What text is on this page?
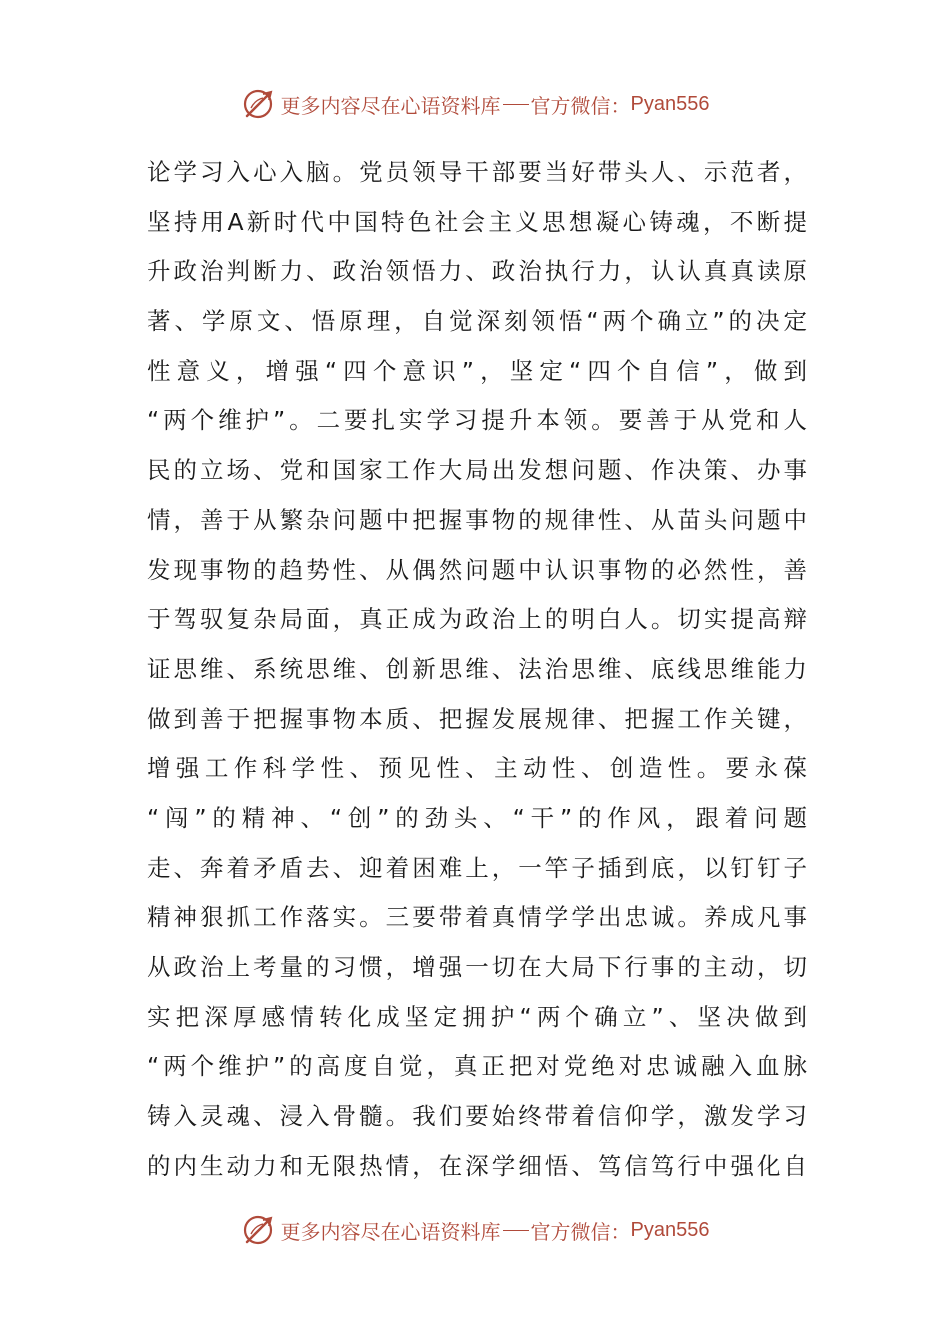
更多内容尽在心语资料库 官方微信： Pyan556
论学习入心入脑。党员领导干部要当好带头人、示范者，
坚持用A新时代中国特色社会主义思想凝心铸魂，不断提
升政治判断力、政治领悟力、政治执行力，认认真真读原
著、学原文、悟原理，自觉深刻领悟“两个确立”的决定
性意义，增强“四个意识”，坚定“四个自信”，做到
“两个维护”。二要扎实学习提升本领。要善于从党和人
民的立场、党和国家工作大局出发想问题、作决策、办事
情，善于从繁杂问题中把握事物的规律性、从苗头问题中
发现事物的趋势性、从偶然问题中认识事物的必然性，善
于驾驭复杂局面，真正成为政治上的明白人。切实提高辩
证思维、系统思维、创新思维、法治思维、底线思维能力
做到善于把握事物本质、把握发展规律、把握工作关键，
增强工作科学性、预见性、主动性、创造性。要永葆
“闯”的精神、“创”的劲头、“干”的作风，跟着问题
走、奔着矛盾去、迎着困难上，一竿子插到底，以钉钉子
精神狠抓工作落实。三要带着真情学学出忠诚。养成凡事
从政治上考量的习惯，增强一切在大局下行事的主动，切
实把深厚感情转化成坚定拥护“两个确立”、坚决做到
“两个维护”的高度自觉，真正把对党绝对忠诚融入血脉
铸入灵魂、浸入骨髓。我们要始终带着信仰学，激发学习
的内生动力和无限热情，在深学细悟、笃信笃行中强化自
更多内容尽在心语资料库 官方微信： Pyan556
